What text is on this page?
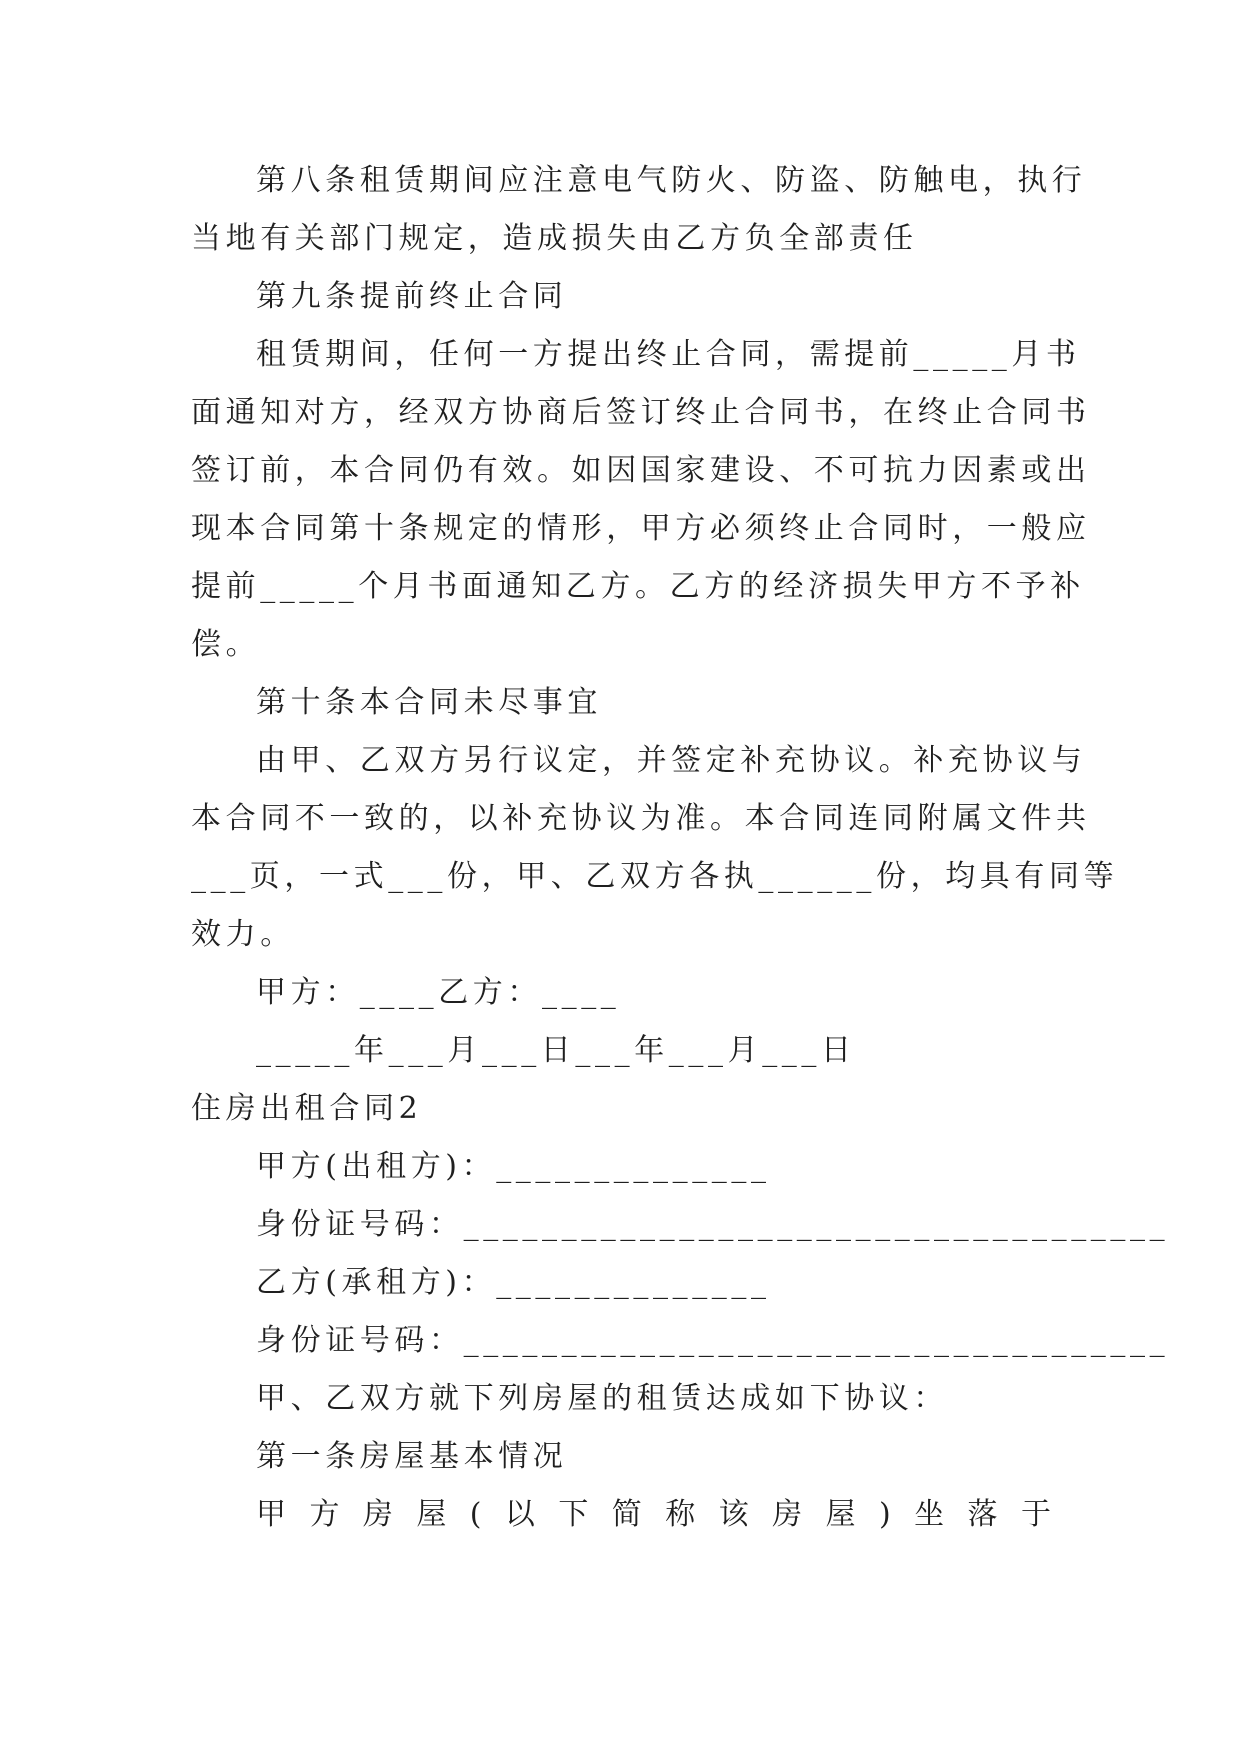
第八条租赁期间应注意电气防火、防盗、防触电，执行
当地有关部门规定，造成损失由乙方负全部责任
第九条提前终止合同
租赁期间，任何一方提出终止合同，需提前_____月书
面通知对方，经双方协商后签订终止合同书，在终止合同书
签订前，本合同仍有效。如因国家建设、不可抗力因素或出
现本合同第十条规定的情形，甲方必须终止合同时，一般应
提前_____个月书面通知乙方。乙方的经济损失甲方不予补
偿。
第十条本合同未尽事宜
由甲、乙双方另行议定，并签定补充协议。补充协议与
本合同不一致的，以补充协议为准。本合同连同附属文件共
___页，一式___份，甲、乙双方各执______份，均具有同等
效力。
甲方：____乙方：____
_____年___月___日___年___月___日
住房出租合同2
甲方(出租方)：______________
身份证号码：____________________________________
乙方(承租方)：______________
身份证号码：____________________________________
甲、乙双方就下列房屋的租赁达成如下协议：
第一条房屋基本情况
甲方房屋(以下简称该房屋)坐落于
